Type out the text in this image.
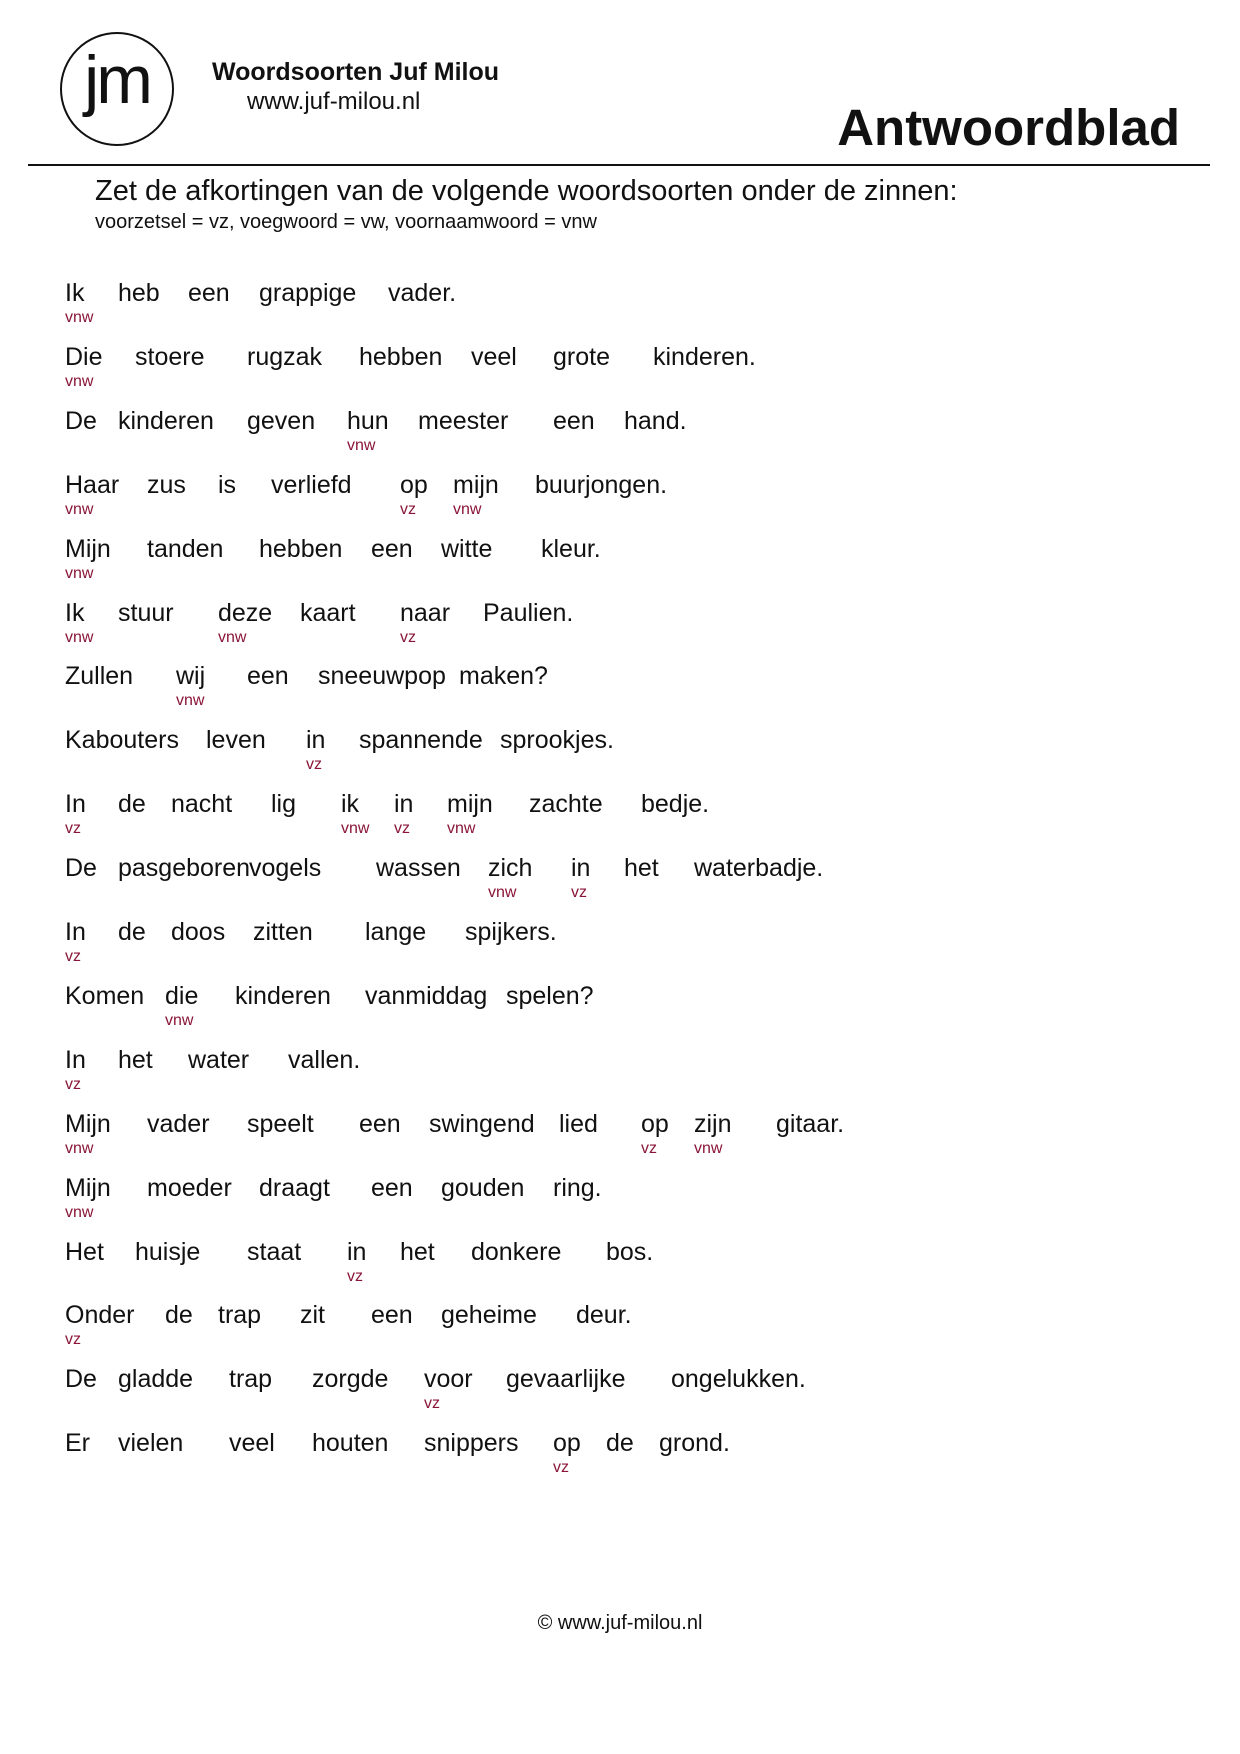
jm	Woordsoorten Juf Milou
www.juf-milou.nl	Antwoordblad
Zet de afkortingen van de volgende woordsoorten onder de zinnen:
voorzetsel = vz, voegwoord = vw, voornaamwoord = vnw
Ik
vnw
heb een grappige vader.
Die
vnw
stoere rugzak hebben veel grote kinderen.
De kinderen geven hun
vnw
meester een hand.
Haar
vnw
zus is verliefd op
vz
mijn
vnw
buurjongen.
Mijn
vnw
tanden hebben een witte kleur.
Ik
vnw
stuur deze
vnw
kaart naar
vz
Paulien.
Zullen wij
vnw
een sneeuwpop maken?
Kabouters leven in
vz
spannende sprookjes.
In
vz
de nacht lig ik
vnw
in
vz
mijn
vnw
zachte bedje.
De pasgeboren
vogels wassen zich
vnw
in
vz
het waterbadje.
In
vz
de doos zitten lange spijkers.
Komen die
vnw
kinderen vanmiddag spelen?
In
vz
het water vallen.
Mijn
vnw
vader speelt een swingend lied op
vz
zijn
vnw
gitaar.
Mijn
vnw
moeder draagt een gouden ring.
Het huisje staat in
vz
het donkere bos.
Onder
vz
de trap zit een geheime deur.
De gladde trap zorgde voor
vz
gevaarlijke ongelukken.
Er vielen veel houten snippers op
vz
de grond.
© www.juf-milou.nl
